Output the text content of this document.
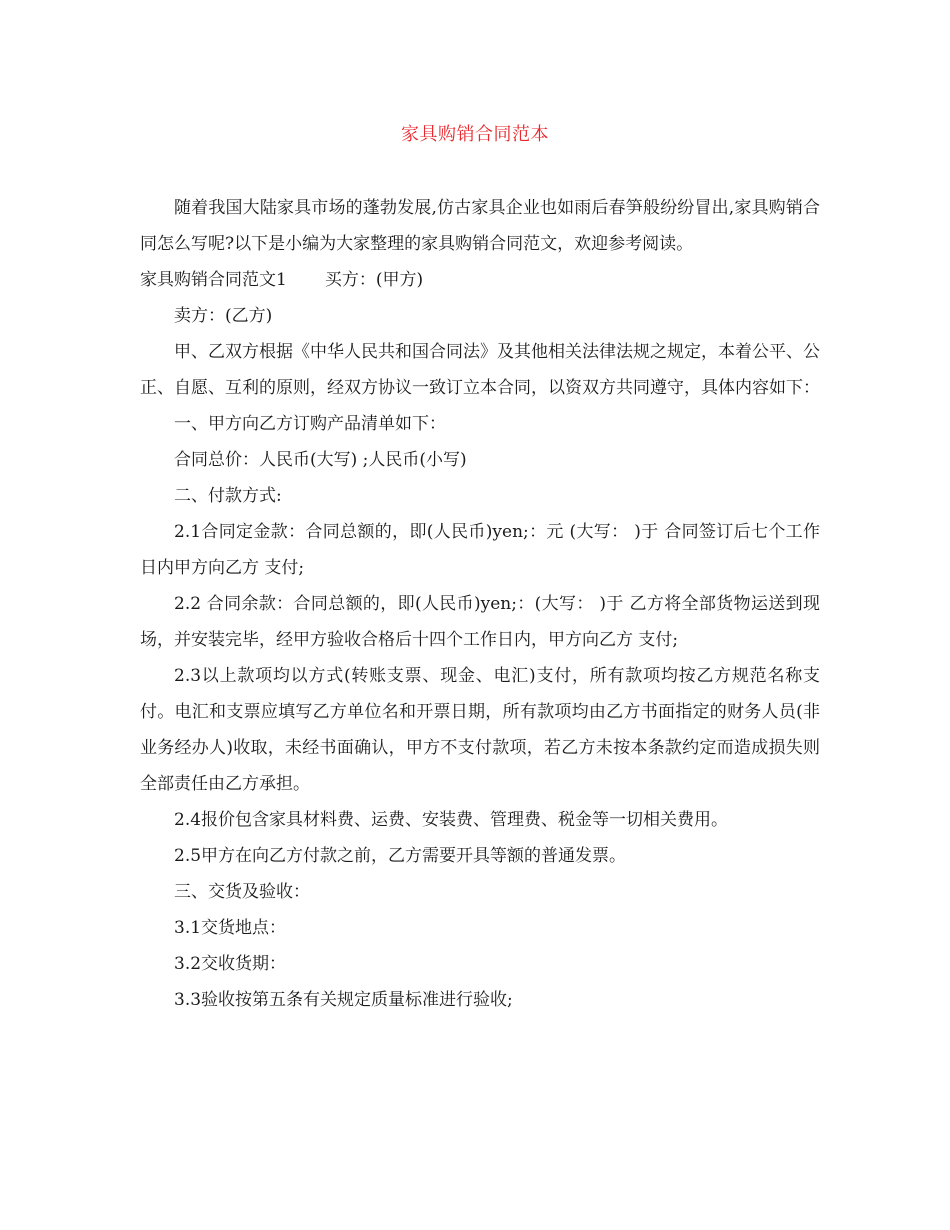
家具购销合同范本

随着我国大陆家具市场的蓬勃发展,仿古家具企业也如雨后春笋般纷纷冒出,家具购销合同怎么写呢?以下是小编为大家整理的家具购销合同范文，欢迎参考阅读。

家具购销合同范文1 买方：(甲方)

卖方：(乙方)

甲、乙双方根据《中华人民共和国合同法》及其他相关法律法规之规定，本着公平、公正、自愿、互利的原则，经双方协议一致订立本合同，以资双方共同遵守，具体内容如下：

一、甲方向乙方订购产品清单如下：

合同总价：人民币(大写) ;人民币(小写)

二、付款方式:

2.1合同定金款：合同总额的，即(人民币)yen;：元 (大写： )于 合同签订后七个工作日内甲方向乙方 支付;

2.2 合同余款：合同总额的，即(人民币)yen;：(大写： )于 乙方将全部货物运送到现场，并安装完毕，经甲方验收合格后十四个工作日内，甲方向乙方 支付;

2.3以上款项均以方式(转账支票、现金、电汇)支付，所有款项均按乙方规范名称支付。电汇和支票应填写乙方单位名和开票日期，所有款项均由乙方书面指定的财务人员(非业务经办人)收取，未经书面确认，甲方不支付款项，若乙方未按本条款约定而造成损失则全部责任由乙方承担。

2.4报价包含家具材料费、运费、安装费、管理费、税金等一切相关费用。

2.5甲方在向乙方付款之前，乙方需要开具等额的普通发票。

三、交货及验收：

3.1交货地点：

3.2交收货期：

3.3验收按第五条有关规定质量标准进行验收;
